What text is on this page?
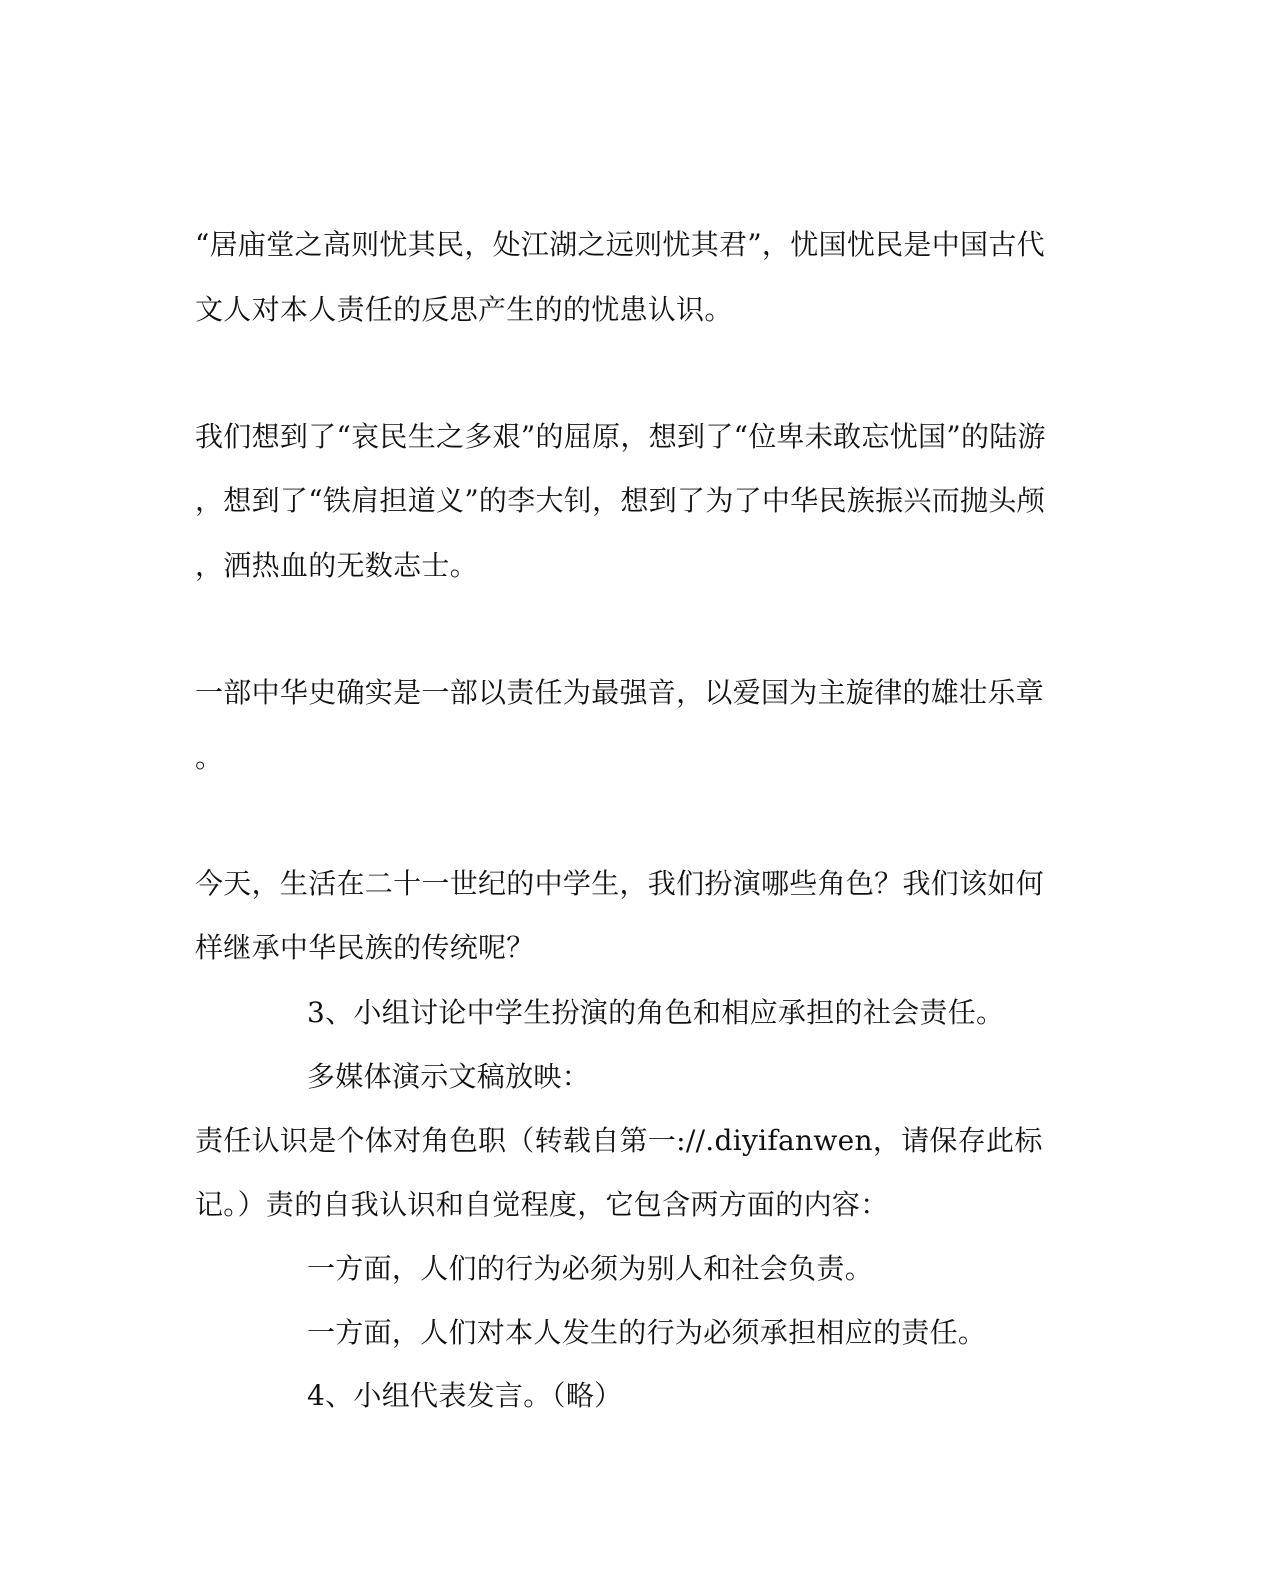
“居庙堂之高则忧其民，处江湖之远则忧其君”，忧国忧民是中国古代
文人对本人责任的反思产生的的忧患认识。
我们想到了“哀民生之多艰”的屈原，想到了“位卑未敢忘忧国”的陆游
，想到了“铁肩担道义”的李大钊，想到了为了中华民族振兴而抛头颅
，洒热血的无数志士。
一部中华史确实是一部以责任为最强音，以爱国为主旋律的雄壮乐章
。
今天，生活在二十一世纪的中学生，我们扮演哪些角色？我们该如何
样继承中华民族的传统呢？
3、小组讨论中学生扮演的角色和相应承担的社会责任。
多媒体演示文稿放映：
责任认识是个体对角色职（转载自第一://.diyifanwen，请保存此标
记。）责的自我认识和自觉程度，它包含两方面的内容：
一方面，人们的行为必须为别人和社会负责。
一方面，人们对本人发生的行为必须承担相应的责任。
4、小组代表发言。（略）
